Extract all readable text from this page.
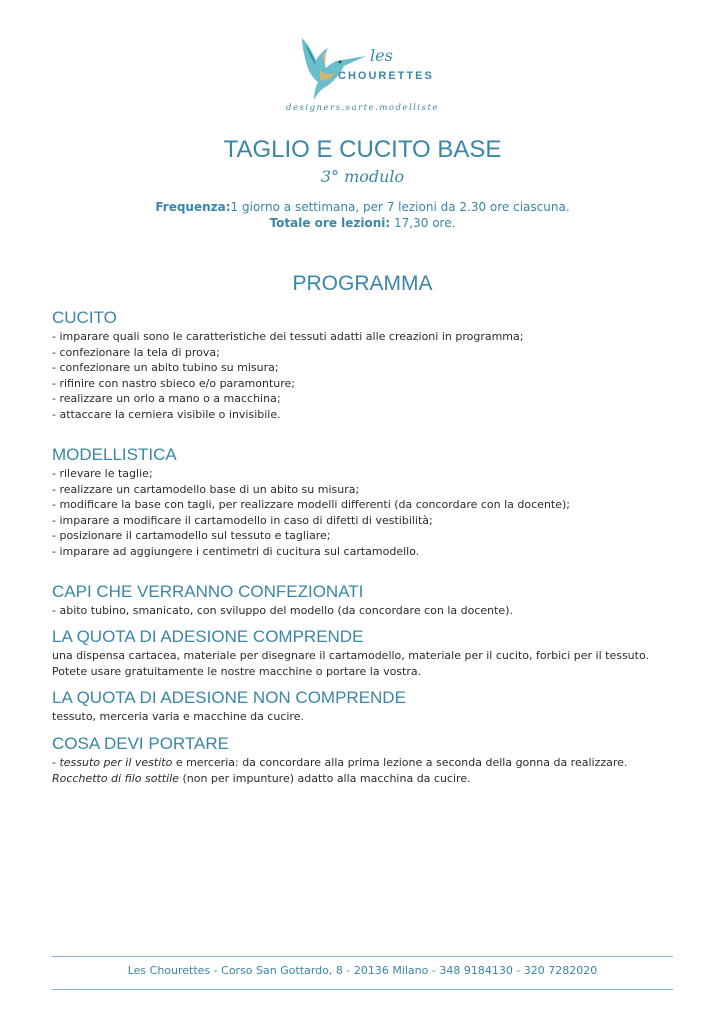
les
CHOURETTES
designers.sarte.modelliste
TAGLIO E CUCITO BASE
3° modulo
Frequenza:1 giorno a settimana, per 7 lezioni da 2.30 ore ciascuna.
Totale ore lezioni: 17,30 ore.
PROGRAMMA
CUCITO
- imparare quali sono le caratteristiche dei tessuti adatti alle creazioni in programma;
- confezionare la tela di prova;
- confezionare un abito tubino su misura;
- rifinire con nastro sbieco e/o paramonture;
- realizzare un orlo a mano o a macchina;
- attaccare la cerniera visibile o invisibile.
MODELLISTICA
- rilevare le taglie;
- realizzare un cartamodello base di un abito su misura;
- modificare la base con tagli, per realizzare modelli differenti (da concordare con la docente);
- imparare a modificare il cartamodello in caso di difetti di vestibilità;
- posizionare il cartamodello sul tessuto e tagliare;
- imparare ad aggiungere i centimetri di cucitura sul cartamodello.
CAPI CHE VERRANNO CONFEZIONATI
- abito tubino, smanicato, con sviluppo del modello (da concordare con la docente).
LA QUOTA DI ADESIONE COMPRENDE
una dispensa cartacea, materiale per disegnare il cartamodello, materiale per il cucito, forbici per il tessuto. Potete usare gratuitamente le nostre macchine o portare la vostra.
LA QUOTA DI ADESIONE NON COMPRENDE
tessuto, merceria varia e macchine da cucire.
COSA DEVI PORTARE
- tessuto per il vestito e merceria: da concordare alla prima lezione a seconda della gonna da realizzare.
Rocchetto di filo sottile (non per impunture) adatto alla macchina da cucire.
Les Chourettes - Corso San Gottardo, 8 - 20136 Milano - 348 9184130 - 320 7282020
